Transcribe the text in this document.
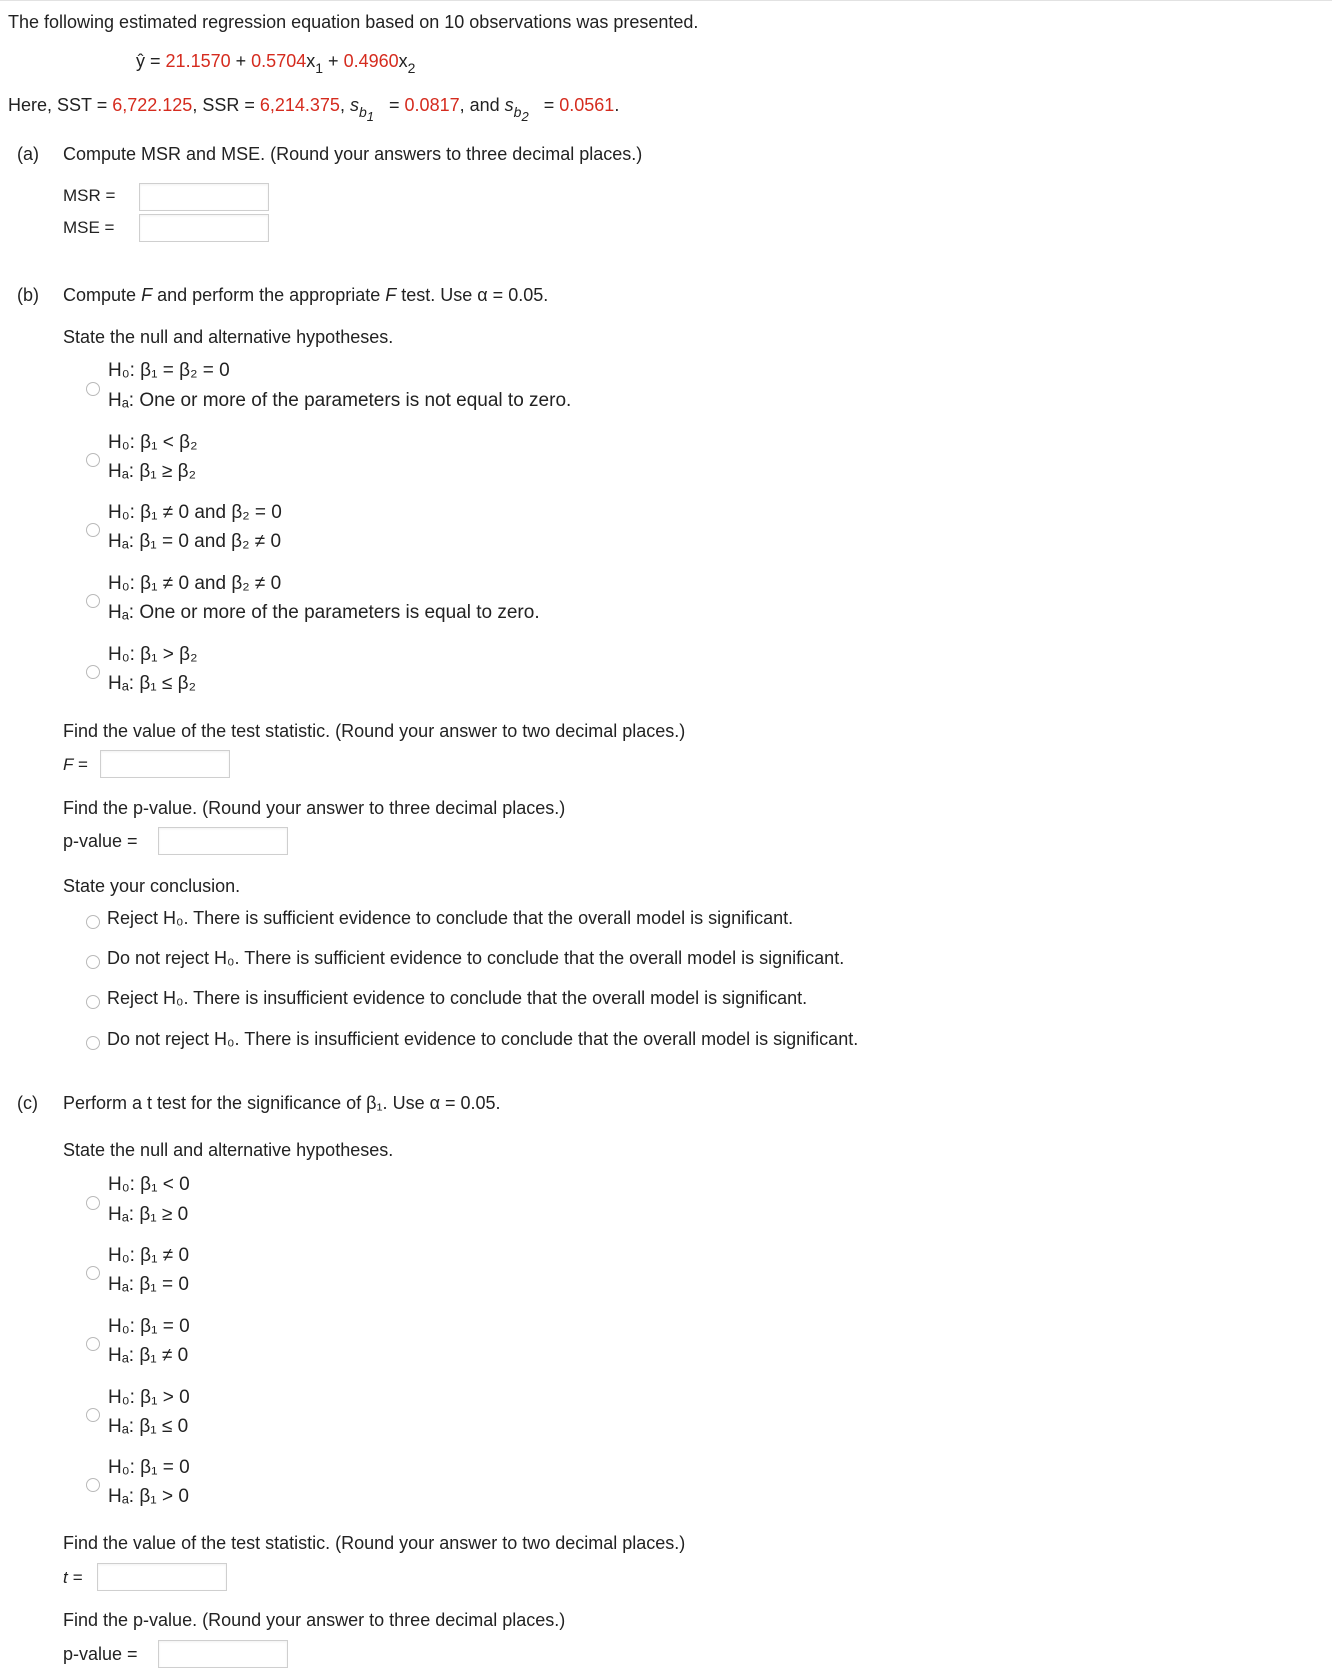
The following estimated regression equation based on 10 observations was presented.
ŷ = $21.1570 + 0.5704x_1 + 0.4960x_2$
Here, SST = 6,722.125, SSR = 6,214.375, $s_{b_1} = 0.0817$, and $s_{b_2} = 0.0561$.
(a) Compute MSR and MSE. (Round your answers to three decimal places.)
MSR =
MSE =
(b) Compute F and perform the appropriate F test. Use α = 0.05.
State the null and alternative hypotheses.
H₀: β₁ = β₂ = 0
Hₐ: One or more of the parameters is not equal to zero.
H₀: β₁ < β₂
Hₐ: β₁ ≥ β₂
H₀: β₁ ≠ 0 and β₂ = 0
Hₐ: β₁ = 0 and β₂ ≠ 0
H₀: β₁ ≠ 0 and β₂ ≠ 0
Hₐ: One or more of the parameters is equal to zero.
H₀: β₁ > β₂
Hₐ: β₁ ≤ β₂
Find the value of the test statistic. (Round your answer to two decimal places.)
F =
Find the p-value. (Round your answer to three decimal places.)
p-value =
State your conclusion.
Reject H₀. There is sufficient evidence to conclude that the overall model is significant.
Do not reject H₀. There is sufficient evidence to conclude that the overall model is significant.
Reject H₀. There is insufficient evidence to conclude that the overall model is significant.
Do not reject H₀. There is insufficient evidence to conclude that the overall model is significant.
(c) Perform a t test for the significance of β₁. Use α = 0.05.
State the null and alternative hypotheses.
H₀: β₁ < 0
Hₐ: β₁ ≥ 0
H₀: β₁ ≠ 0
Hₐ: β₁ = 0
H₀: β₁ = 0
Hₐ: β₁ ≠ 0
H₀: β₁ > 0
Hₐ: β₁ ≤ 0
H₀: β₁ = 0
Hₐ: β₁ > 0
Find the value of the test statistic. (Round your answer to two decimal places.)
t =
Find the p-value. (Round your answer to three decimal places.)
p-value =
